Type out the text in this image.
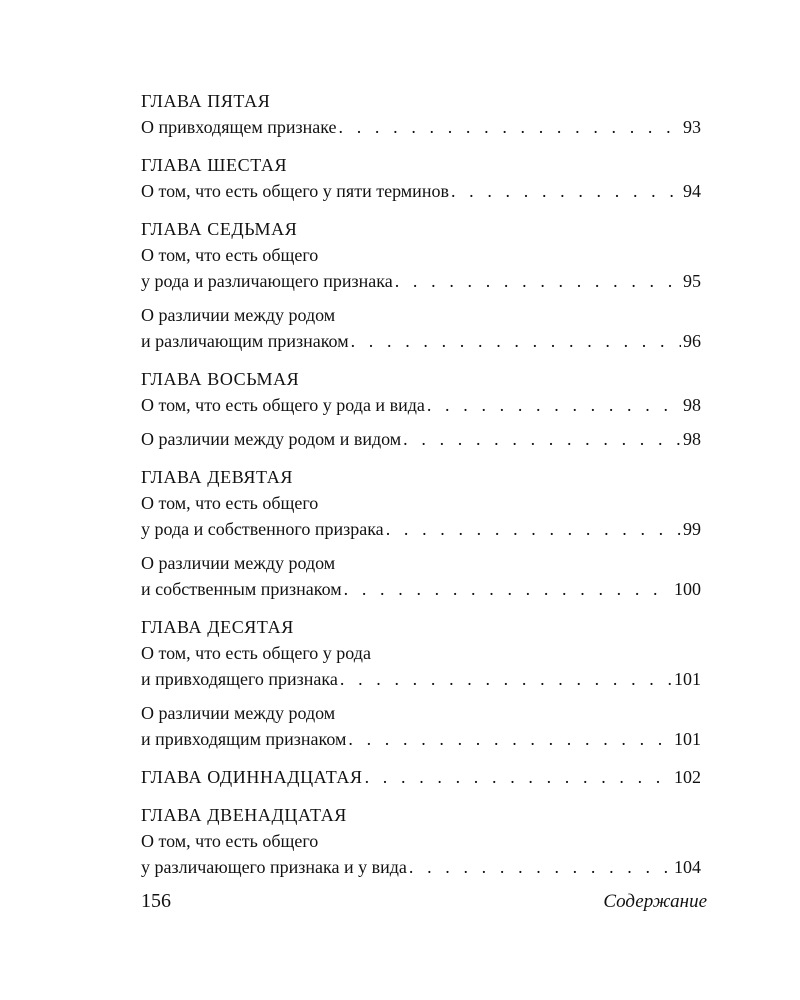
ГЛАВА ПЯТАЯ
О привходящем признаке . . .	93
ГЛАВА ШЕСТАЯ
О том, что есть общего у пяти терминов . . .	94
ГЛАВА СЕДЬМАЯ
О том, что есть общего
у рода и различающего признака . . .	95
О различии между родом
и различающим признаком . . .	96
ГЛАВА ВОСЬМАЯ
О том, что есть общего у рода и вида . . .	98
О различии между родом и видом . . .	98
ГЛАВА ДЕВЯТАЯ
О том, что есть общего
у рода и собственного призрака . . .	99
О различии между родом
и собственным признаком . . .	100
ГЛАВА ДЕСЯТАЯ
О том, что есть общего у рода
и привходящего признака . . .	101
О различии между родом
и привходящим признаком . . .	101
ГЛАВА ОДИННАДЦАТАЯ . . .	102
ГЛАВА ДВЕНАДЦАТАЯ
О том, что есть общего
у различающего признака и у вида . . .	104
156	Содержание
